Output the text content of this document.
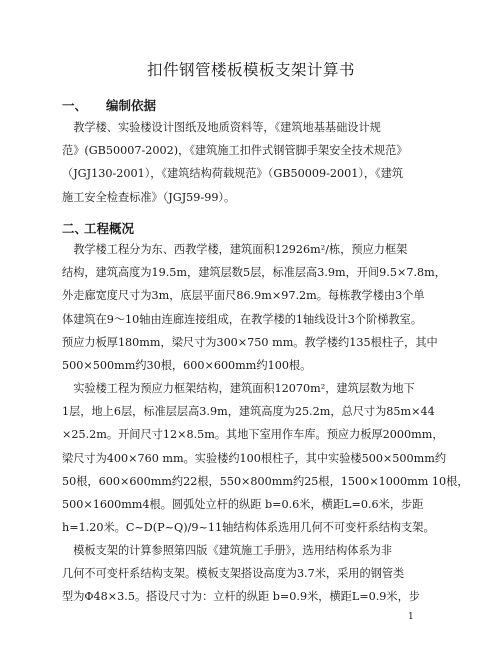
扣件钢管楼板模板支架计算书
一、 编制依据
　教学楼、实验楼设计图纸及地质资料等，《建筑地基基础设计规
范》(GB50007-2002)，《建筑施工扣件式钢管脚手架安全技术规范》
（JGJ130-2001），《建筑结构荷载规范》（GB50009-2001），《建筑
施工安全检查标准》（JGJ59-99）。
二、工程概况
　教学楼工程分为东、西教学楼，建筑面积12926m²/栋，预应力框架
结构，建筑高度为19.5m，建筑层数5层，标准层高3.9m，开间9.5×7.8m，
外走廊宽度尺寸为3m，底层平面尺86.9m×97.2m。每栋教学楼由3个单
体建筑在9～10轴由连廊连接组成，在教学楼的1轴线设计3个阶梯教室。
预应力板厚180mm，梁尺寸为300×750 mm。教学楼约135根柱子，其中
500×500mm约30根，600×600mm约100根。
　实验楼工程为预应力框架结构，建筑面积12070m²，建筑层数为地下
1层，地上6层，标准层层高3.9m，建筑高度为25.2m，总尺寸为85m×44
×25.2m。开间尺寸12×8.5m。其地下室用作车库。预应力板厚2000mm，
梁尺寸为400×760 mm。实验楼约100根柱子，其中实验楼500×500mm约
50根，600×600mm约22根，550×800mm约25根，1500×1000mm 10根，
500×1600mm4根。圆弧处立杆的纵距 b=0.6米，横距L=0.6米，步距
h=1.20米。C~D(P~Q)/9~11轴结构体系选用几何不可变杆系结构支架。
　模板支架的计算参照第四版《建筑施工手册》，选用结构体系为非
几何不可变杆系结构支架。模板支架搭设高度为3.7米，采用的钢管类
型为Φ48×3.5。搭设尺寸为：立杆的纵距 b=0.9米，横距L=0.9米，步
1
